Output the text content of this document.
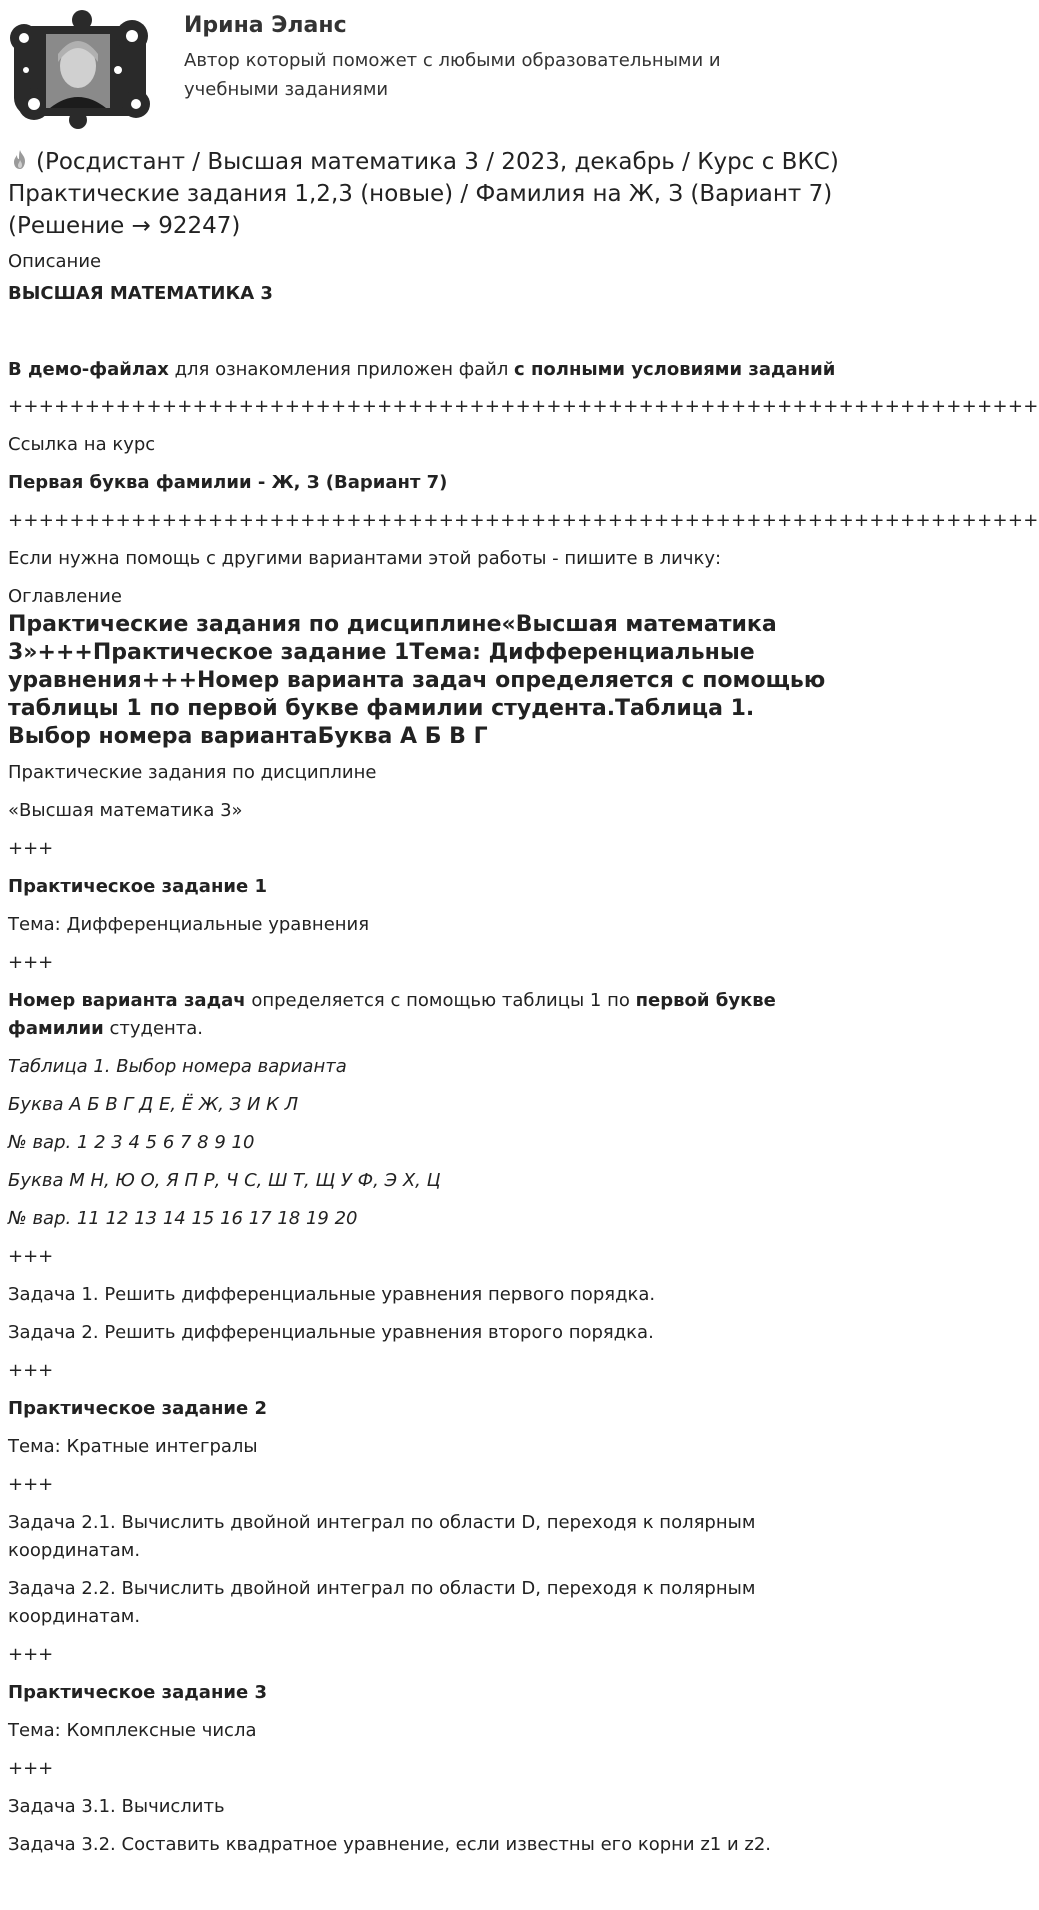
Ирина Эланс
Автор который поможет с любыми образовательными и учебными заданиями
(Росдистант / Высшая математика 3 / 2023, декабрь / Курс с ВКС) Практические задания 1,2,3 (новые) / Фамилия на Ж, З (Вариант 7) (Решение → 92247)

Описание

ВЫСШАЯ МАТЕМАТИКА 3

В демо-файлах для ознакомления приложен файл с полными условиями заданий

+++++++++++++++++++++++++++++++++++++++++++++++++++++++++++++++++++

Ссылка на курс

Первая буква фамилии - Ж, З (Вариант 7)

+++++++++++++++++++++++++++++++++++++++++++++++++++++++++++++++++++

Если нужна помощь с другими вариантами этой работы - пишите в личку:

Оглавление

Практические задания по дисциплине«Высшая математика 3»+++Практическое задание 1Тема: Дифференциальные уравнения+++Номер варианта задач определяется с помощью таблицы 1 по первой букве фамилии студента.Таблица 1. Выбор номера вариантаБуква А Б В Г

Практические задания по дисциплине

«Высшая математика 3»

+++

Практическое задание 1

Тема: Дифференциальные уравнения

+++

Номер варианта задач определяется с помощью таблицы 1 по первой букве фамилии студента.

Таблица 1. Выбор номера варианта

Буква А Б В Г Д Е, Ё Ж, З И К Л

№ вар. 1 2 3 4 5 6 7 8 9 10

Буква М Н, Ю О, Я П Р, Ч С, Ш Т, Щ У Ф, Э Х, Ц

№ вар. 11 12 13 14 15 16 17 18 19 20

+++

Задача 1. Решить дифференциальные уравнения первого порядка.

Задача 2. Решить дифференциальные уравнения второго порядка.

+++

Практическое задание 2

Тема: Кратные интегралы

+++

Задача 2.1. Вычислить двойной интеграл по области D, переходя к полярным координатам.

Задача 2.2. Вычислить двойной интеграл по области D, переходя к полярным координатам.

+++

Практическое задание 3

Тема: Комплексные числа

+++

Задача 3.1. Вычислить

Задача 3.2. Составить квадратное уравнение, если известны его корни z1 и z2.
